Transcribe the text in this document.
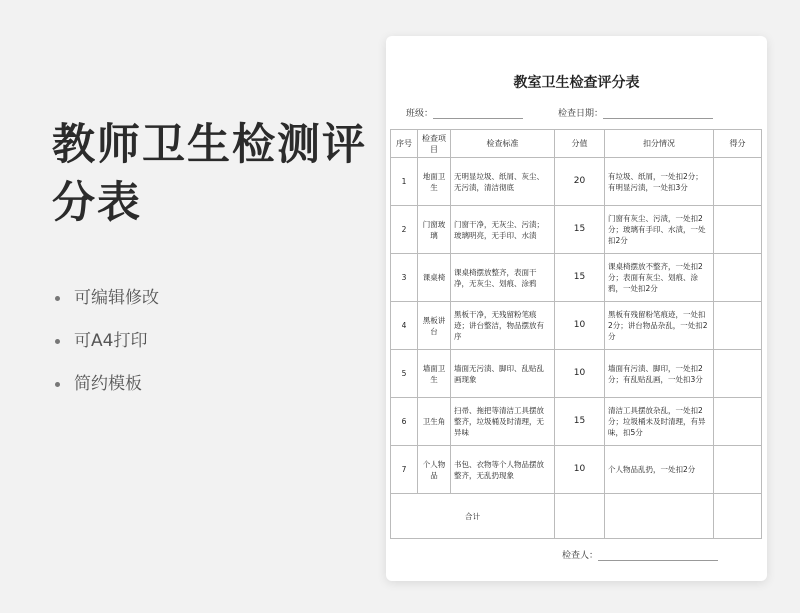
教师卫生检测评分表
可编辑修改
可A4打印
简约模板
教室卫生检查评分表
班级：	检查日期：
序号	检查项目	检查标准	分值	扣分情况	得分
1	地面卫生	无明显垃圾、纸屑、灰尘、无污渍，清洁彻底	20	有垃圾、纸屑，一处扣2分；有明显污渍，一处扣3分	
2	门窗玻璃	门窗干净，无灰尘、污渍；玻璃明亮，无手印、水渍	15	门窗有灰尘、污渍，一处扣2分；玻璃有手印、水渍，一处扣2分	
3	课桌椅	课桌椅摆放整齐，表面干净，无灰尘、划痕、涂鸦	15	课桌椅摆放不整齐，一处扣2分；表面有灰尘、划痕、涂鸦，一处扣2分	
4	黑板讲台	黑板干净，无残留粉笔痕迹；讲台整洁，物品摆放有序	10	黑板有残留粉笔痕迹，一处扣2分；讲台物品杂乱，一处扣2分	
5	墙面卫生	墙面无污渍、脚印、乱贴乱画现象	10	墙面有污渍、脚印，一处扣2分；有乱贴乱画，一处扣3分	
6	卫生角	扫帚、拖把等清洁工具摆放整齐，垃圾桶及时清理，无异味	15	清洁工具摆放杂乱，一处扣2分；垃圾桶未及时清理，有异味，扣5分	
7	个人物品	书包、衣物等个人物品摆放整齐，无乱扔现象	10	个人物品乱扔，一处扣2分	
合计					
检查人：
